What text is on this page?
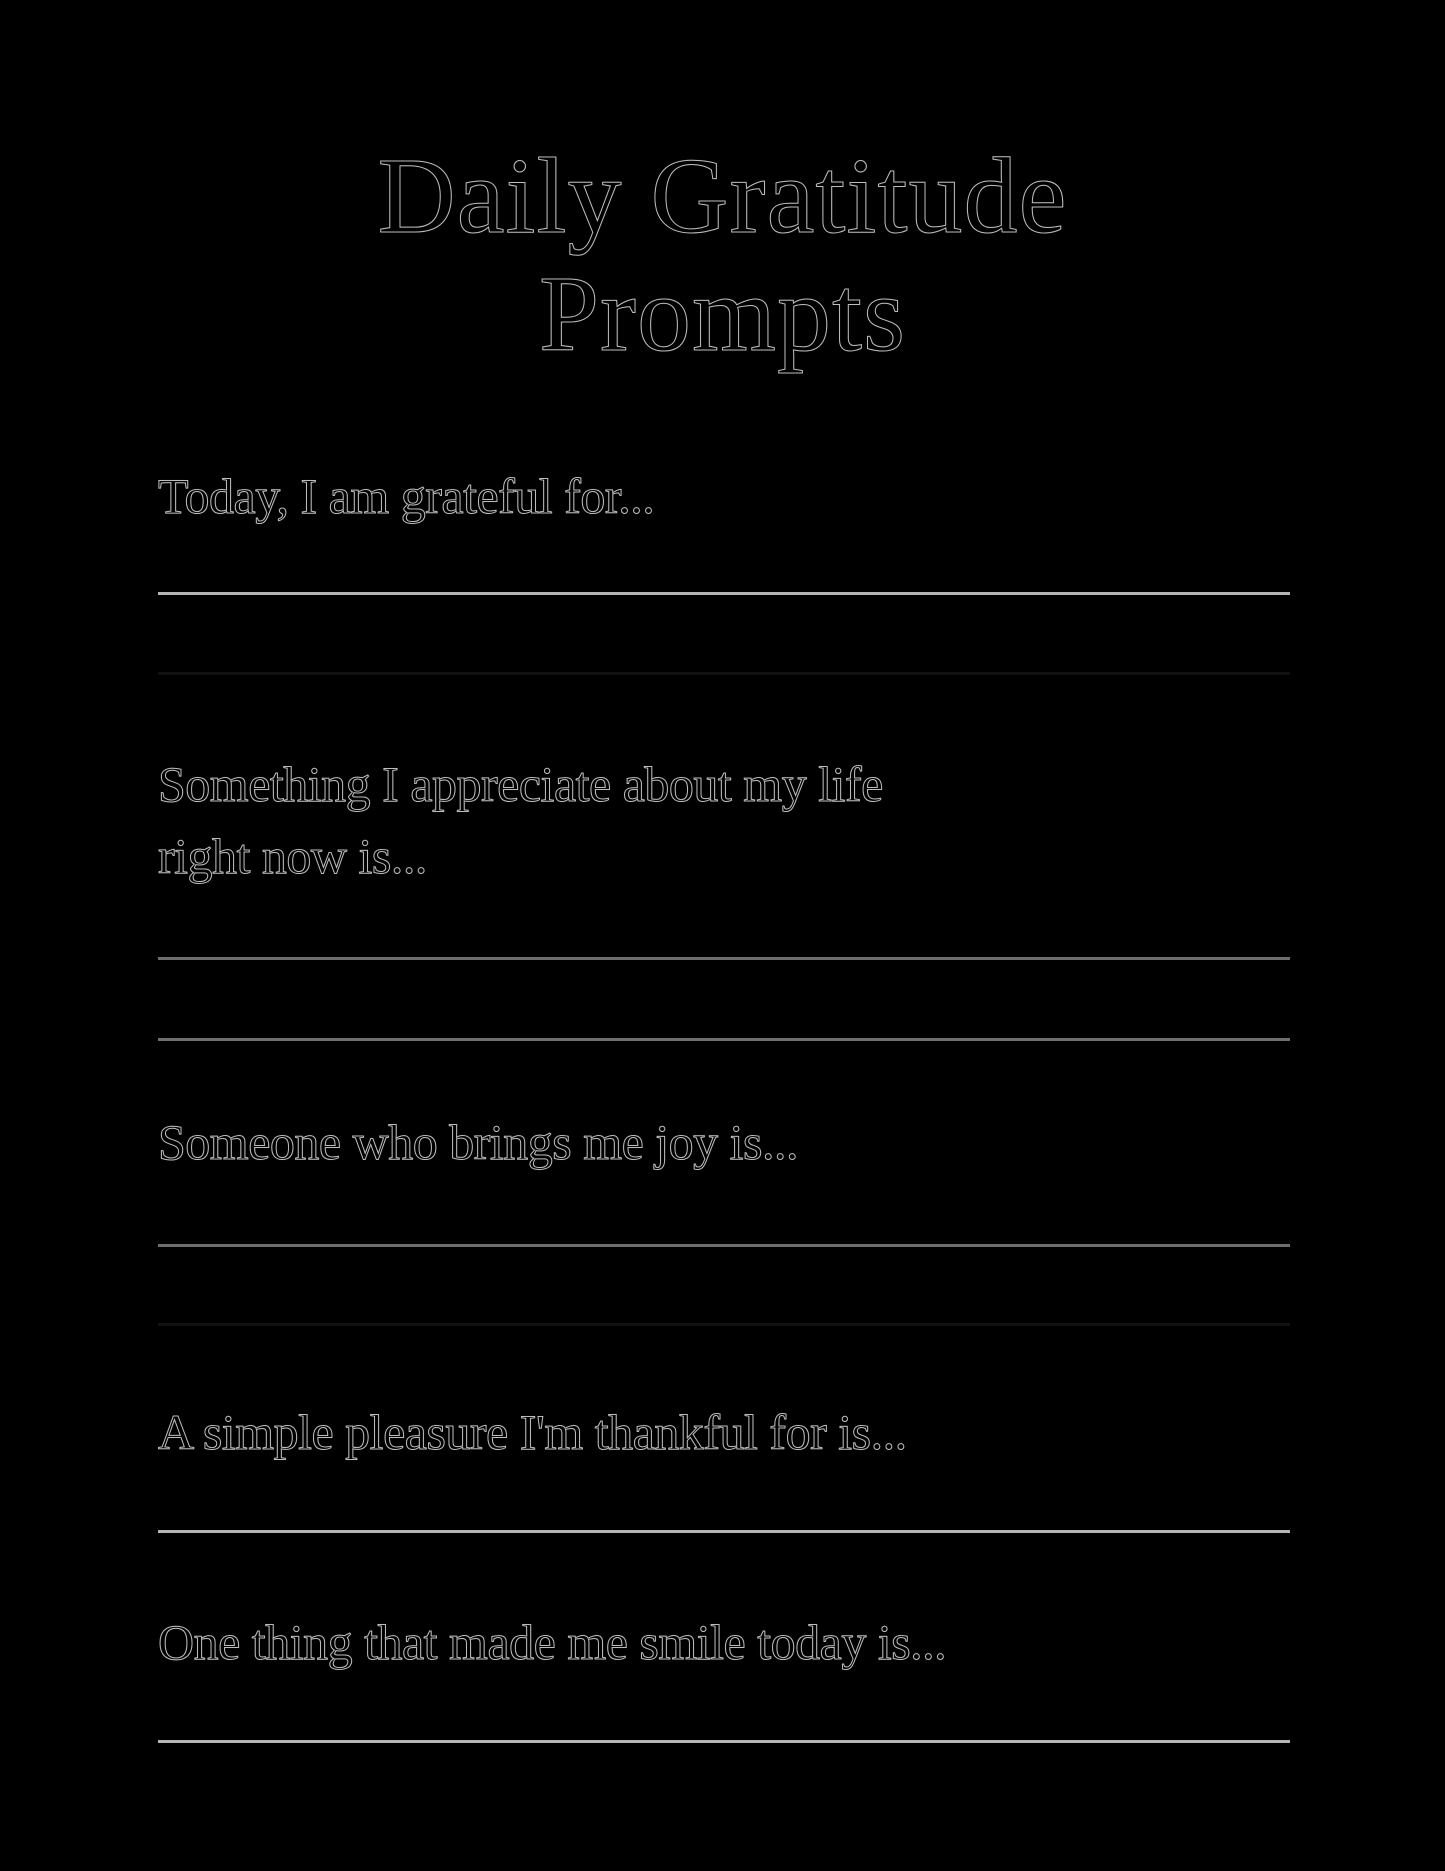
Daily Gratitude
Prompts
Today, I am grateful for...
Something I appreciate about my life
right now is...
Someone who brings me joy is...
A simple pleasure I'm thankful for is...
One thing that made me smile today is...
